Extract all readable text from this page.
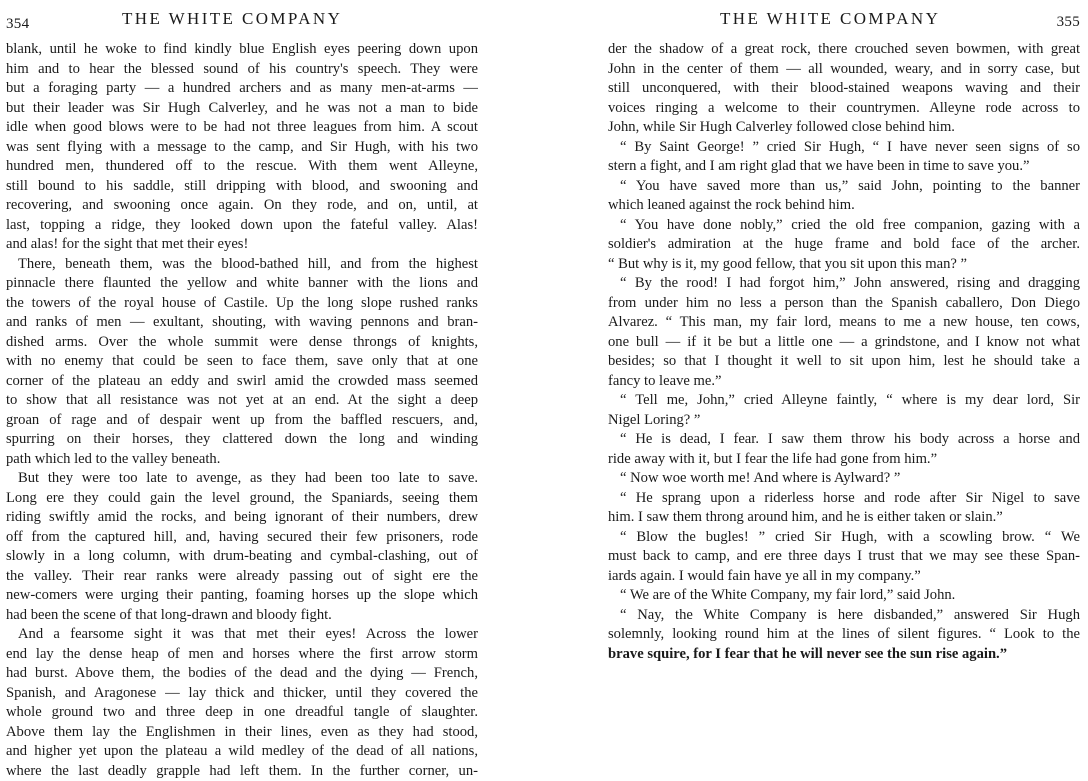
354	THE WHITE COMPANY
blank, until he woke to find kindly blue English eyes peering down upon
him and to hear the blessed sound of his country's speech. They were
but a foraging party — a hundred archers and as many men-at-arms —
but their leader was Sir Hugh Calverley, and he was not a man to bide
idle when good blows were to be had not three leagues from him. A scout
was sent flying with a message to the camp, and Sir Hugh, with his two
hundred men, thundered off to the rescue. With them went Alleyne,
still bound to his saddle, still dripping with blood, and swooning and
recovering, and swooning once again. On they rode, and on, until, at
last, topping a ridge, they looked down upon the fateful valley. Alas!
and alas! for the sight that met their eyes!
There, beneath them, was the blood-bathed hill, and from the highest
pinnacle there flaunted the yellow and white banner with the lions and
the towers of the royal house of Castile. Up the long slope rushed ranks
and ranks of men — exultant, shouting, with waving pennons and bran-
dished arms. Over the whole summit were dense throngs of knights,
with no enemy that could be seen to face them, save only that at one
corner of the plateau an eddy and swirl amid the crowded mass seemed
to show that all resistance was not yet at an end. At the sight a deep
groan of rage and of despair went up from the baffled rescuers, and,
spurring on their horses, they clattered down the long and winding
path which led to the valley beneath.
But they were too late to avenge, as they had been too late to save.
Long ere they could gain the level ground, the Spaniards, seeing them
riding swiftly amid the rocks, and being ignorant of their numbers, drew
off from the captured hill, and, having secured their few prisoners, rode
slowly in a long column, with drum-beating and cymbal-clashing, out of
the valley. Their rear ranks were already passing out of sight ere the
new-comers were urging their panting, foaming horses up the slope which
had been the scene of that long-drawn and bloody fight.
And a fearsome sight it was that met their eyes! Across the lower
end lay the dense heap of men and horses where the first arrow storm
had burst. Above them, the bodies of the dead and the dying — French,
Spanish, and Aragonese — lay thick and thicker, until they covered the
whole ground two and three deep in one dreadful tangle of slaughter.
Above them lay the Englishmen in their lines, even as they had stood,
and higher yet upon the plateau a wild medley of the dead of all nations,
where the last deadly grapple had left them. In the further corner, un-
THE WHITE COMPANY	355
der the shadow of a great rock, there crouched seven bowmen, with great
John in the center of them — all wounded, weary, and in sorry case, but
still unconquered, with their blood-stained weapons waving and their
voices ringing a welcome to their countrymen. Alleyne rode across to
John, while Sir Hugh Calverley followed close behind him.
“ By Saint George! ” cried Sir Hugh, “ I have never seen signs of so
stern a fight, and I am right glad that we have been in time to save you.”
“ You have saved more than us,” said John, pointing to the banner
which leaned against the rock behind him.
“ You have done nobly,” cried the old free companion, gazing with a
soldier's admiration at the huge frame and bold face of the archer.
“ But why is it, my good fellow, that you sit upon this man? ”
“ By the rood! I had forgot him,” John answered, rising and dragging
from under him no less a person than the Spanish caballero, Don Diego
Alvarez. “ This man, my fair lord, means to me a new house, ten cows,
one bull — if it be but a little one — a grindstone, and I know not what
besides; so that I thought it well to sit upon him, lest he should take a
fancy to leave me.”
“ Tell me, John,” cried Alleyne faintly, “ where is my dear lord, Sir
Nigel Loring? ”
“ He is dead, I fear. I saw them throw his body across a horse and
ride away with it, but I fear the life had gone from him.”
“ Now woe worth me! And where is Aylward? ”
“ He sprang upon a riderless horse and rode after Sir Nigel to save
him. I saw them throng around him, and he is either taken or slain.”
“ Blow the bugles! ” cried Sir Hugh, with a scowling brow. “ We
must back to camp, and ere three days I trust that we may see these Span-
iards again. I would fain have ye all in my company.”
“ We are of the White Company, my fair lord,” said John.
“ Nay, the White Company is here disbanded,” answered Sir Hugh
solemnly, looking round him at the lines of silent figures. “ Look to the
brave squire, for I fear that he will never see the sun rise again.”
